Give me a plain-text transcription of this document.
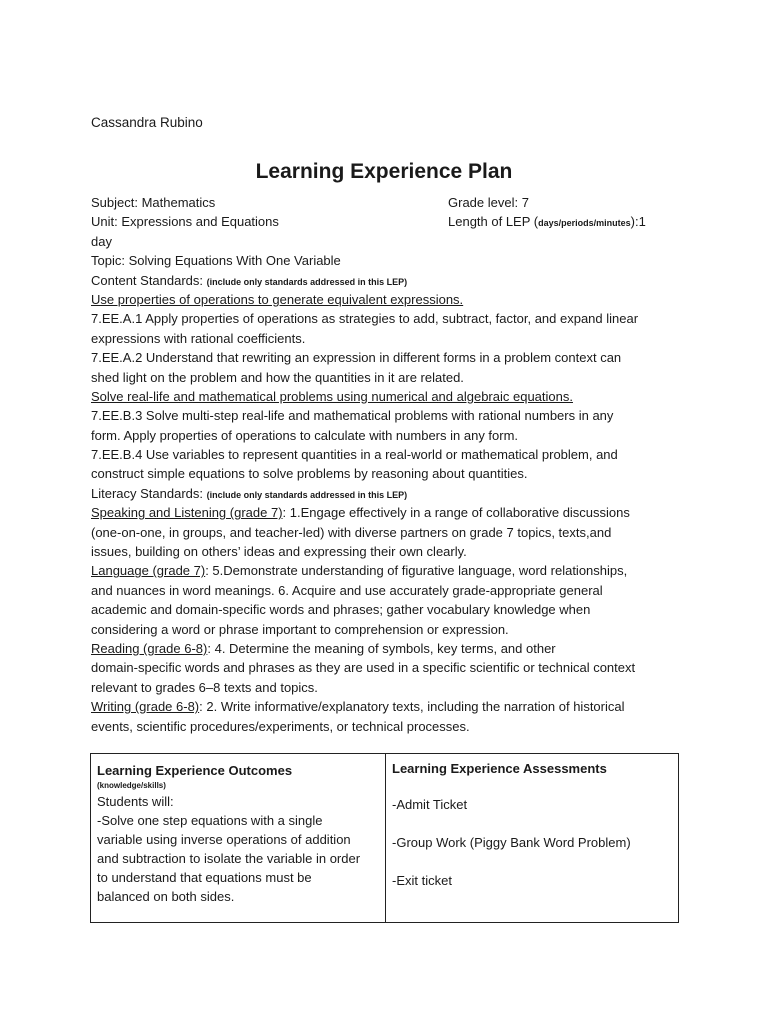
Cassandra Rubino
Learning Experience Plan
Subject: Mathematics	Grade level: 7
Unit: Expressions and Equations	Length of LEP (days/periods/minutes):1
day
Topic: Solving Equations With One Variable
Content Standards: (include only standards addressed in this LEP)
Use properties of operations to generate equivalent expressions.
7.EE.A.1 Apply properties of operations as strategies to add, subtract, factor, and expand linear
expressions with rational coefficients.
7.EE.A.2 Understand that rewriting an expression in different forms in a problem context can
shed light on the problem and how the quantities in it are related.
Solve real-life and mathematical problems using numerical and algebraic equations.
7.EE.B.3 Solve multi-step real-life and mathematical problems with rational numbers in any
form. Apply properties of operations to calculate with numbers in any form.
7.EE.B.4 Use variables to represent quantities in a real-world or mathematical problem, and
construct simple equations to solve problems by reasoning about quantities.
Literacy Standards: (include only standards addressed in this LEP)
Speaking and Listening (grade 7): 1.Engage effectively in a range of collaborative discussions
(one-on-one, in groups, and teacher-led) with diverse partners on grade 7 topics, texts,and
issues, building on others’ ideas and expressing their own clearly.
Language (grade 7): 5.Demonstrate understanding of figurative language, word relationships,
and nuances in word meanings. 6. Acquire and use accurately grade-appropriate general
academic and domain-specific words and phrases; gather vocabulary knowledge when
considering a word or phrase important to comprehension or expression.
Reading (grade 6-8): 4. Determine the meaning of symbols, key terms, and other
domain-specific words and phrases as they are used in a specific scientific or technical context
relevant to grades 6–8 texts and topics.
Writing (grade 6-8): 2. Write informative/explanatory texts, including the narration of historical
events, scientific procedures/experiments, or technical processes.
Learning Experience Outcomes
(knowledge/skills)
Students will:
-Solve one step equations with a single
variable using inverse operations of addition
and subtraction to isolate the variable in order
to understand that equations must be
balanced on both sides.

Learning Experience Assessments
-Admit Ticket
-Group Work (Piggy Bank Word Problem)
-Exit ticket
